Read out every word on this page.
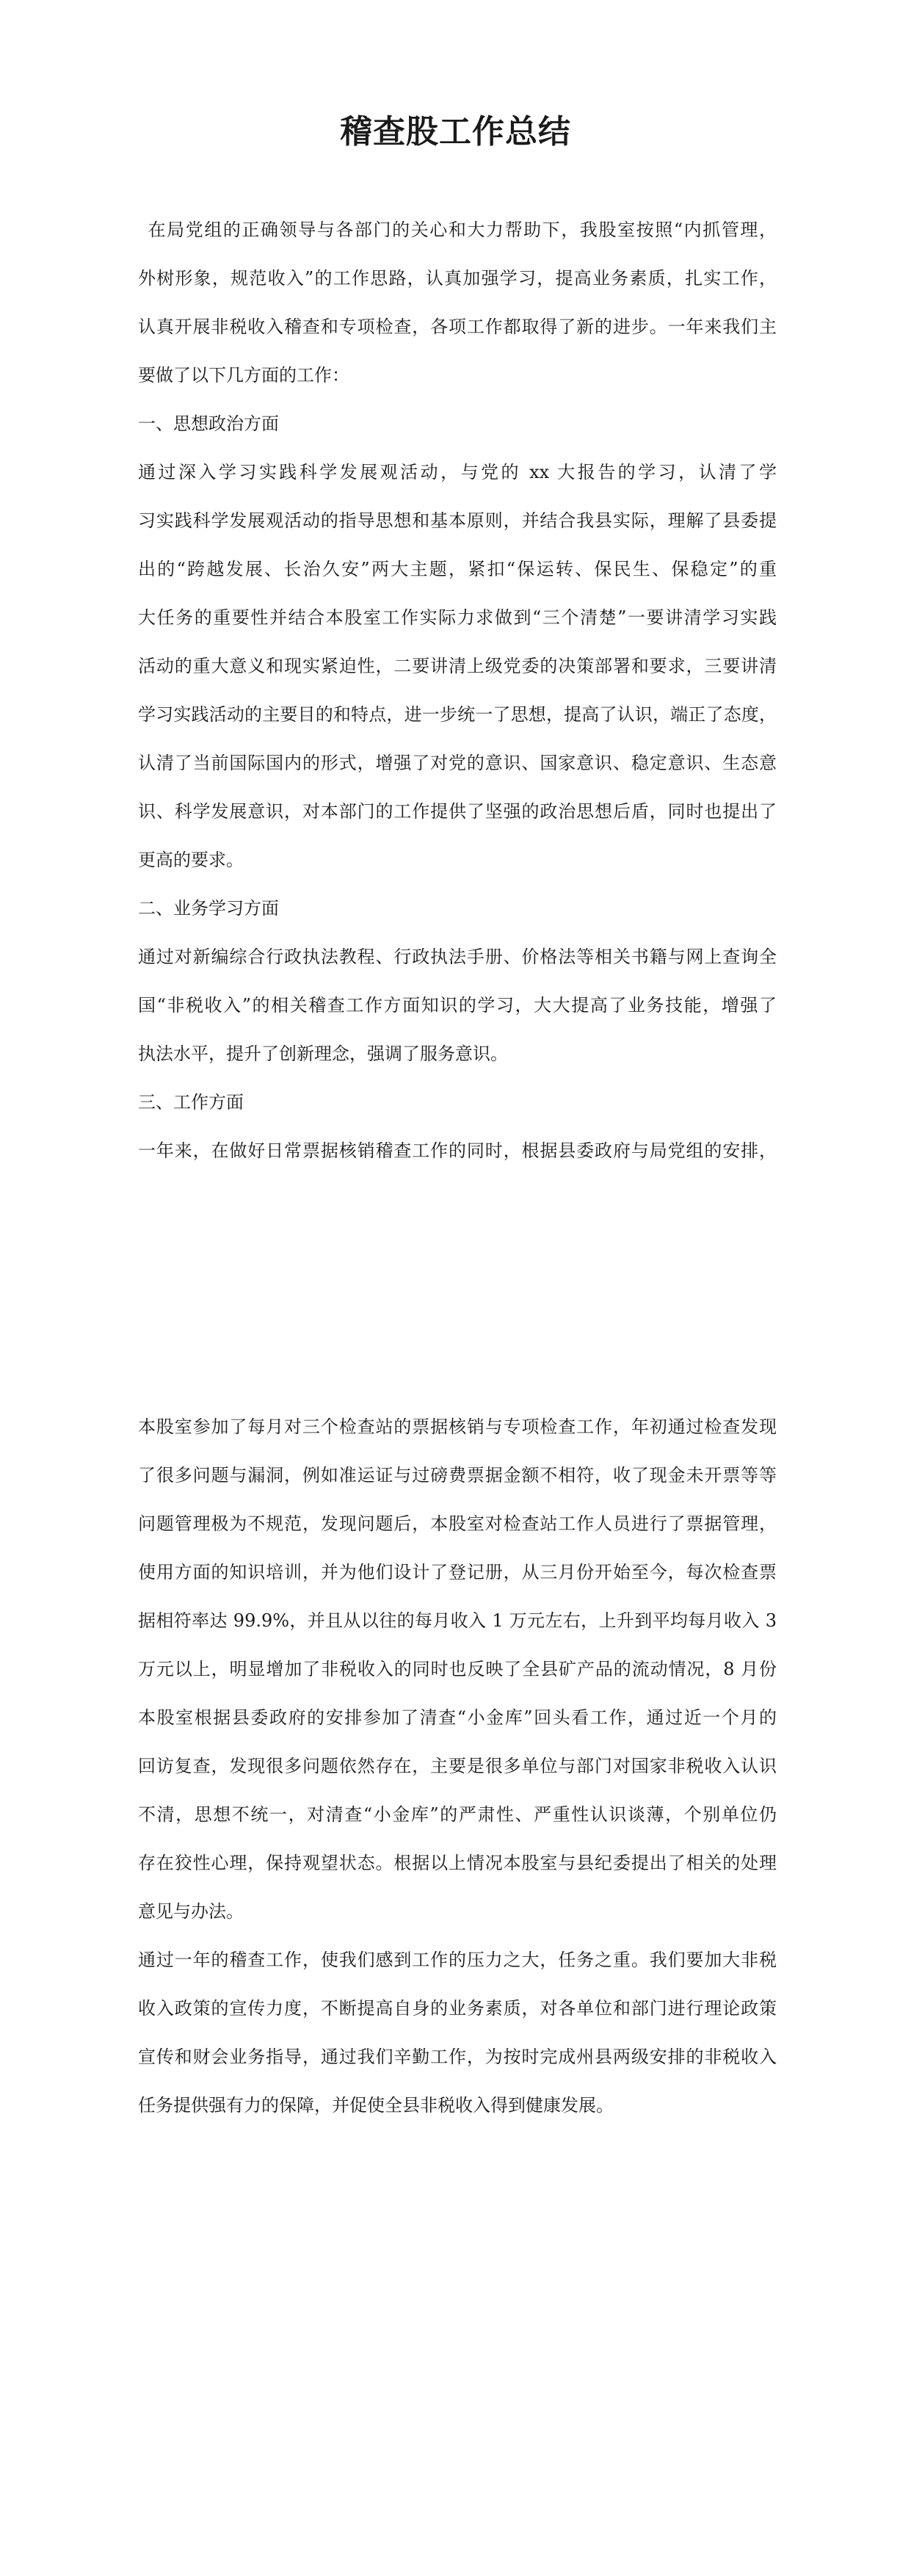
稽查股工作总结
在局党组的正确领导与各部门的关心和大力帮助下，我股室按照“内抓管理，
外树形象，规范收入”的工作思路，认真加强学习，提高业务素质，扎实工作，
认真开展非税收入稽查和专项检查，各项工作都取得了新的进步。一年来我们主
要做了以下几方面的工作：
一、思想政治方面
通过深入学习实践科学发展观活动，与党的 xx 大报告的学习，认清了学
习实践科学发展观活动的指导思想和基本原则，并结合我县实际，理解了县委提
出的“跨越发展、长治久安”两大主题，紧扣“保运转、保民生、保稳定”的重
大任务的重要性并结合本股室工作实际力求做到“三个清楚”一要讲清学习实践
活动的重大意义和现实紧迫性，二要讲清上级党委的决策部署和要求，三要讲清
学习实践活动的主要目的和特点，进一步统一了思想，提高了认识，端正了态度，
认清了当前国际国内的形式，增强了对党的意识、国家意识、稳定意识、生态意
识、科学发展意识，对本部门的工作提供了坚强的政治思想后盾，同时也提出了
更高的要求。
二、业务学习方面
通过对新编综合行政执法教程、行政执法手册、价格法等相关书籍与网上查询全
国“非税收入”的相关稽查工作方面知识的学习，大大提高了业务技能，增强了
执法水平，提升了创新理念，强调了服务意识。
三、工作方面
一年来，在做好日常票据核销稽查工作的同时，根据县委政府与局党组的安排，
本股室参加了每月对三个检查站的票据核销与专项检查工作，年初通过检查发现
了很多问题与漏洞，例如准运证与过磅费票据金额不相符，收了现金未开票等等
问题管理极为不规范，发现问题后，本股室对检查站工作人员进行了票据管理，
使用方面的知识培训，并为他们设计了登记册，从三月份开始至今，每次检查票
据相符率达 99.9%，并且从以往的每月收入 1 万元左右，上升到平均每月收入 3
万元以上，明显增加了非税收入的同时也反映了全县矿产品的流动情况，8 月份
本股室根据县委政府的安排参加了清查“小金库”回头看工作，通过近一个月的
回访复查，发现很多问题依然存在，主要是很多单位与部门对国家非税收入认识
不清，思想不统一，对清查“小金库”的严肃性、严重性认识谈薄，个别单位仍
存在狡性心理，保持观望状态。根据以上情况本股室与县纪委提出了相关的处理
意见与办法。
通过一年的稽查工作，使我们感到工作的压力之大，任务之重。我们要加大非税
收入政策的宣传力度，不断提高自身的业务素质，对各单位和部门进行理论政策
宣传和财会业务指导，通过我们辛勤工作，为按时完成州县两级安排的非税收入
任务提供强有力的保障，并促使全县非税收入得到健康发展。
